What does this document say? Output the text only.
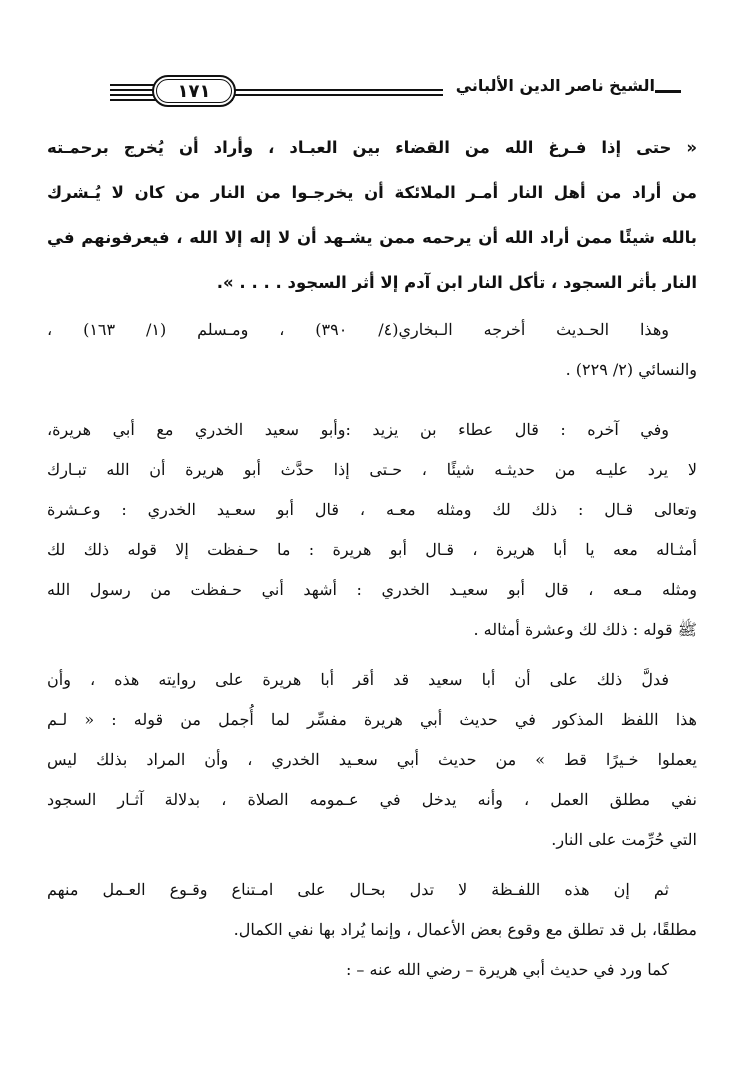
١٧١	الشيخ ناصر الدين الألباني
« حتى إذا فـرغ الله من القضاء بين العبـاد ، وأراد أن يُخرج برحمـته
من أراد من أهل النار أمـر الملائكة أن يخرجـوا من النار من كان لا يُـشرك
بالله شيئًا ممن أراد الله أن يرحمه ممن يشـهد أن لا إله إلا الله ، فيعرفونهم في
النار بأثر السجود ، تأكل النار ابن آدم إلا أثر السجود . . . . ».
وهذا الحـديث أخرجه الـبخاري(٤/ ٣٩٠) ، ومـسلم (١/ ١٦٣) ،
والنسائي (٢/ ٢٢٩) .
وفي آخره : قال عطاء بن يزيد :وأبو سعيد الخدري مع أبي هريرة،
لا يرد عليـه من حديثـه شيئًا ، حـتى إذا حدَّث أبو هريرة أن الله تبـارك
وتعالى قـال : ذلك لك ومثله معـه ، قال أبو سعـيد الخدري : وعـشرة
أمثـاله معه يا أبا هريرة ، قـال أبو هريرة : ما حـفظت إلا قوله ذلك لك
ومثله مـعه ، قال أبو سعيـد الخدري : أشهد أني حـفظت من رسول الله
ﷺ قوله : ذلك لك وعشرة أمثاله .
فدلَّ ذلك على أن أبا سعيد قد أقر أبا هريرة على روايته هذه ، وأن
هذا اللفظ المذكور في حديث أبي هريرة مفسِّر لما أُجمل من قوله : « لـم
يعملوا خـيرًا قط » من حديث أبي سعـيد الخدري ، وأن المراد بذلك ليس
نفي مطلق العمل ، وأنه يدخل في عـمومه الصلاة ، بدلالة آثـار السجود
التي حُرِّمت على النار.
ثم إن هذه اللفـظة لا تدل بحـال على امـتناع وقـوع العـمل منهم
مطلقًا، بل قد تطلق مع وقوع بعض الأعمال ، وإنما يُراد بها نفي الكمال.
كما ورد في حديث أبي هريرة – رضي الله عنه – :
